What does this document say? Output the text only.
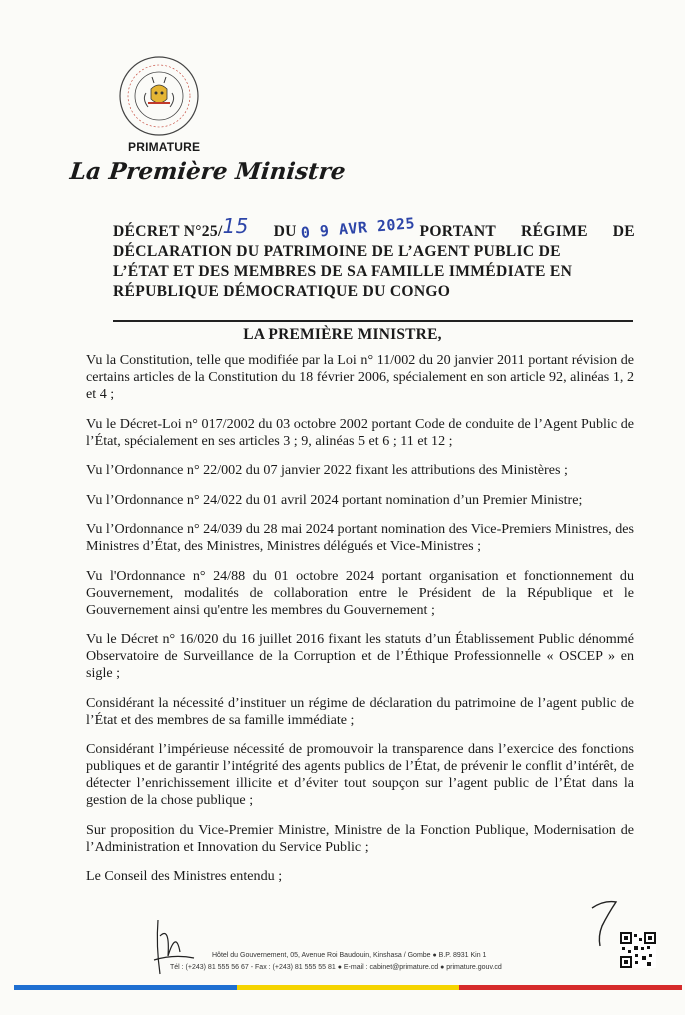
PRIMATURE
La Première Ministre
DÉCRET N°25/15 DU 0 9 AVR 2025 PORTANT RÉGIME DE
DÉCLARATION DU PATRIMOINE DE L’AGENT PUBLIC DE
L’ÉTAT ET DES MEMBRES DE SA FAMILLE IMMÉDIATE EN
RÉPUBLIQUE DÉMOCRATIQUE DU CONGO
LA PREMIÈRE MINISTRE,

Vu la Constitution, telle que modifiée par la Loi n° 11/002 du 20 janvier 2011 portant révision de certains articles de la Constitution du 18 février 2006, spécialement en son article 92, alinéas 1, 2 et 4 ;

Vu le Décret-Loi n° 017/2002 du 03 octobre 2002 portant Code de conduite de l’Agent Public de l’État, spécialement en ses articles 3 ; 9, alinéas 5 et 6 ; 11 et 12 ;

Vu l’Ordonnance n° 22/002 du 07 janvier 2022 fixant les attributions des Ministères ;

Vu l’Ordonnance n° 24/022 du 01 avril 2024 portant nomination d’un Premier Ministre;

Vu l’Ordonnance n° 24/039 du 28 mai 2024 portant nomination des Vice-Premiers Ministres, des Ministres d’État, des Ministres, Ministres délégués et Vice-Ministres ;

Vu l'Ordonnance n° 24/88 du 01 octobre 2024 portant organisation et fonctionnement du Gouvernement, modalités de collaboration entre le Président de la République et le Gouvernement ainsi qu'entre les membres du Gouvernement ;

Vu le Décret n° 16/020 du 16 juillet 2016 fixant les statuts d’un Établissement Public dénommé Observatoire de Surveillance de la Corruption et de l’Éthique Professionnelle « OSCEP » en sigle ;

Considérant la nécessité d’instituer un régime de déclaration du patrimoine de l’agent public de l’État et des membres de sa famille immédiate ;

Considérant l’impérieuse nécessité de promouvoir la transparence dans l’exercice des fonctions publiques et de garantir l’intégrité des agents publics de l’État, de prévenir le conflit d’intérêt, de détecter l’enrichissement illicite et d’éviter tout soupçon sur l’agent public de l’État dans la gestion de la chose publique ;

Sur proposition du Vice-Premier Ministre, Ministre de la Fonction Publique, Modernisation de l’Administration et Innovation du Service Public ;

Le Conseil des Ministres entendu ;

Hôtel du Gouvernement, 05, Avenue Roi Baudouin, Kinshasa / Gombe ● B.P. 8931 Kin 1
Tél : (+243) 81 555 56 67 - Fax : (+243) 81 555 55 81 ● E-mail : cabinet@primature.cd ● primature.gouv.cd
